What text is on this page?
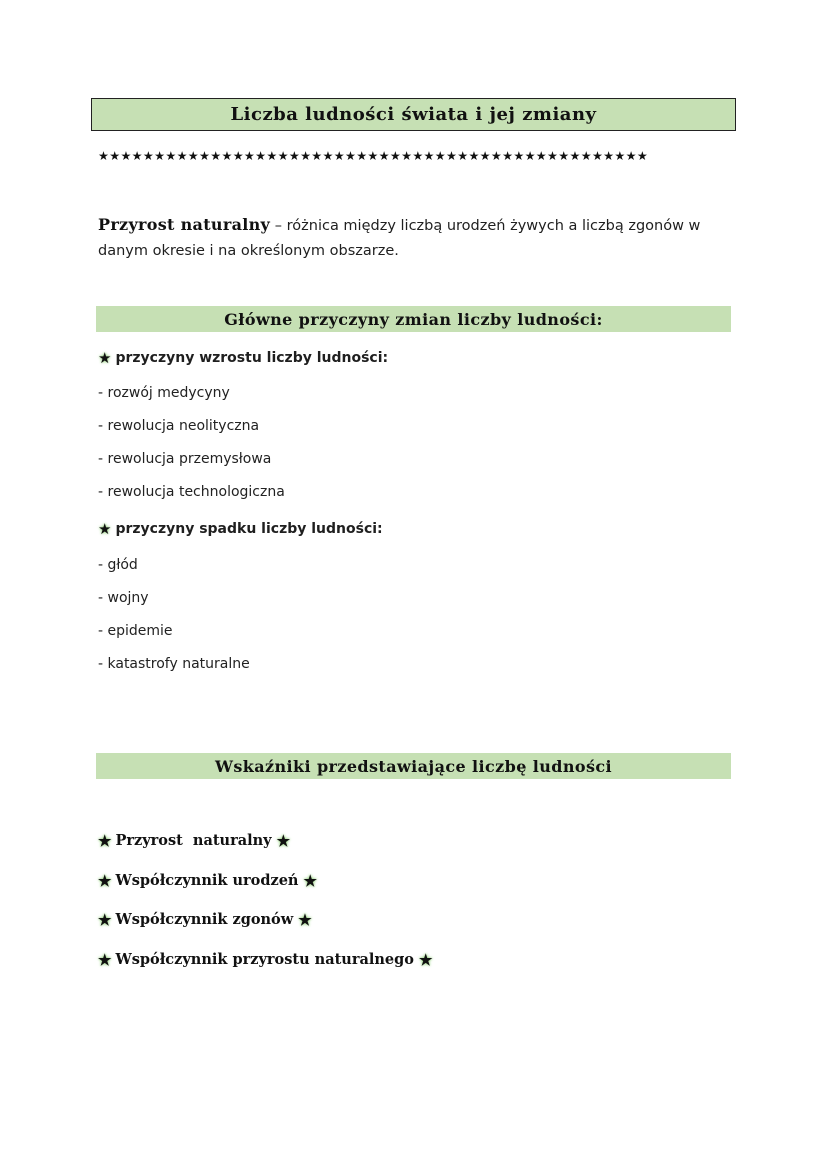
Liczba ludności świata i jej zmiany
★★★★★★★★★★★★★★★★★★★★★★★★★★★★★★★★★★★★★★★★★★★★★★★★★
Przyrost naturalny – różnica między liczbą urodzeń żywych a liczbą zgonów w danym okresie i na określonym obszarze.
Główne przyczyny zmian liczby ludności:
★ przyczyny wzrostu liczby ludności:
- rozwój medycyny
- rewolucja neolityczna
- rewolucja przemysłowa
- rewolucja technologiczna
★ przyczyny spadku liczby ludności:
- głód
- wojny
- epidemie
- katastrofy naturalne
Wskaźniki przedstawiające liczbę ludności
★ Przyrost  naturalny ★
★ Współczynnik urodzeń ★
★ Współczynnik zgonów ★
★ Współczynnik przyrostu naturalnego ★
